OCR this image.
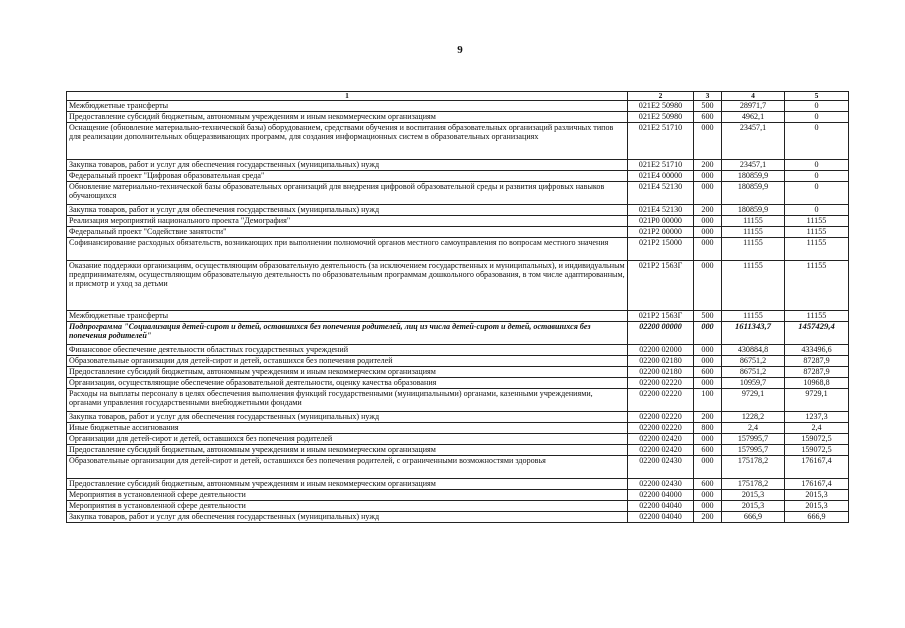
9
1	2	3	4	5
Межбюджетные трансферты	021E2 50980	500	28971,7	0
Предоставление субсидий бюджетным, автономным учреждениям и иным некоммерческим организациям	021E2 50980	600	4962,1	0
Оснащение (обновление материально-технической базы) оборудованием, средствами обучения и воспитания образовательных организаций различных типов для реализации дополнительных общеразвивающих программ, для создания информационных систем в образовательных организациях	021E2 51710	000	23457,1	0
Закупка товаров, работ и услуг для обеспечения государственных (муниципальных) нужд	021E2 51710	200	23457,1	0
Федеральный проект "Цифровая образовательная среда"	021E4 00000	000	180859,9	0
Обновление материально-технической базы образовательных организаций для внедрения цифровой образовательной среды и развития цифровых навыков обучающихся	021E4 52130	000	180859,9	0
Закупка товаров, работ и услуг для обеспечения государственных (муниципальных) нужд	021E4 52130	200	180859,9	0
Реализация мероприятий национального проекта "Демография"	021P0 00000	000	11155	11155
Федеральный проект "Содействие занятости"	021P2 00000	000	11155	11155
Софинансирование расходных обязательств, возникающих при выполнении полномочий органов местного самоуправления по вопросам местного значения	021P2 15000	000	11155	11155
Оказание поддержки организациям, осуществляющим образовательную деятельность (за исключением государственных и муниципальных), и индивидуальным предпринимателям, осуществляющим образовательную деятельность по образовательным программам дошкольного образования, в том числе адаптированным, и присмотр и уход за детьми	021P2 1563Г	000	11155	11155
Межбюджетные трансферты	021P2 1563Г	500	11155	11155
Подпрограмма "Социализация детей-сирот и детей, оставшихся без попечения родителей, лиц из числа детей-сирот и детей, оставшихся без попечения родителей"	02200 00000	000	1611343,7	1457429,4
Финансовое обеспечение деятельности областных государственных учреждений	02200 02000	000	430884,8	433496,6
Образовательные организации для детей-сирот и детей, оставшихся без попечения родителей	02200 02180	000	86751,2	87287,9
Предоставление субсидий бюджетным, автономным учреждениям и иным некоммерческим организациям	02200 02180	600	86751,2	87287,9
Организации, осуществляющие обеспечение образовательной деятельности, оценку качества образования	02200 02220	000	10959,7	10968,8
Расходы на выплаты персоналу в целях обеспечения выполнения функций государственными (муниципальными) органами, казенными учреждениями, органами управления государственными внебюджетными фондами	02200 02220	100	9729,1	9729,1
Закупка товаров, работ и услуг для обеспечения государственных (муниципальных) нужд	02200 02220	200	1228,2	1237,3
Иные бюджетные ассигнования	02200 02220	800	2,4	2,4
Организации для детей-сирот и детей, оставшихся без попечения родителей	02200 02420	000	157995,7	159072,5
Предоставление субсидий бюджетным, автономным учреждениям и иным некоммерческим организациям	02200 02420	600	157995,7	159072,5
Образовательные организации для детей-сирот и детей, оставшихся без попечения родителей, с ограниченными возможностями здоровья	02200 02430	000	175178,2	176167,4
Предоставление субсидий бюджетным, автономным учреждениям и иным некоммерческим организациям	02200 02430	600	175178,2	176167,4
Мероприятия в установленной сфере деятельности	02200 04000	000	2015,3	2015,3
Мероприятия в установленной сфере деятельности	02200 04040	000	2015,3	2015,3
Закупка товаров, работ и услуг для обеспечения государственных (муниципальных) нужд	02200 04040	200	666,9	666,9
